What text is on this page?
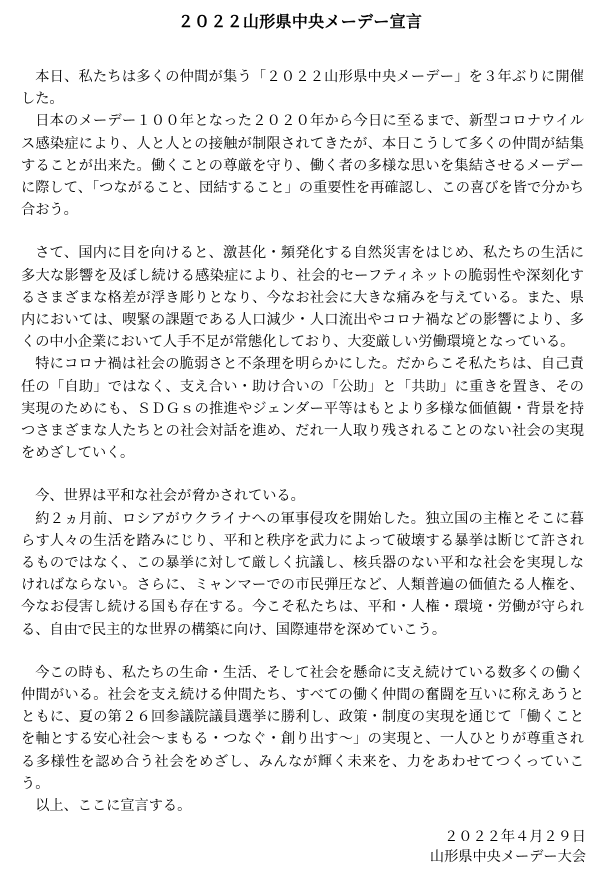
２０２２山形県中央メーデー宣言

本日、私たちは多くの仲間が集う「２０２２山形県中央メーデー」を３年ぶりに開催した。

日本のメーデー１００年となった２０２０年から今日に至るまで、新型コロナウイルス感染症により、人と人との接触が制限されてきたが、本日こうして多くの仲間が結集することが出来た。働くことの尊厳を守り、働く者の多様な思いを集結させるメーデーに際して、「つながること、団結すること」の重要性を再確認し、この喜びを皆で分かち合おう。

さて、国内に目を向けると、激甚化・頻発化する自然災害をはじめ、私たちの生活に多大な影響を及ぼし続ける感染症により、社会的セーフティネットの脆弱性や深刻化するさまざまな格差が浮き彫りとなり、今なお社会に大きな痛みを与えている。また、県内においては、喫緊の課題である人口減少・人口流出やコロナ禍などの影響により、多くの中小企業において人手不足が常態化しており、大変厳しい労働環境となっている。

特にコロナ禍は社会の脆弱さと不条理を明らかにした。だからこそ私たちは、自己責任の「自助」ではなく、支え合い・助け合いの「公助」と「共助」に重きを置き、その実現のためにも、ＳＤＧｓの推進やジェンダー平等はもとより多様な価値観・背景を持つさまざまな人たちとの社会対話を進め、だれ一人取り残されることのない社会の実現をめざしていく。

今、世界は平和な社会が脅かされている。

約２ヵ月前、ロシアがウクライナへの軍事侵攻を開始した。独立国の主権とそこに暮らす人々の生活を踏みにじり、平和と秩序を武力によって破壊する暴挙は断じて許されるものではなく、この暴挙に対して厳しく抗議し、核兵器のない平和な社会を実現しなければならない。さらに、ミャンマーでの市民弾圧など、人類普遍の価値たる人権を、今なお侵害し続ける国も存在する。今こそ私たちは、平和・人権・環境・労働が守られる、自由で民主的な世界の構築に向け、国際連帯を深めていこう。

今この時も、私たちの生命・生活、そして社会を懸命に支え続けている数多くの働く仲間がいる。社会を支え続ける仲間たち、すべての働く仲間の奮闘を互いに称えあうとともに、夏の第２６回参議院議員選挙に勝利し、政策・制度の実現を通じて「働くことを軸とする安心社会〜まもる・つなぐ・創り出す〜」の実現と、一人ひとりが尊重される多様性を認め合う社会をめざし、みんなが輝く未来を、力をあわせてつくっていこう。

以上、ここに宣言する。

２０２２年４月２９日
山形県中央メーデー大会
